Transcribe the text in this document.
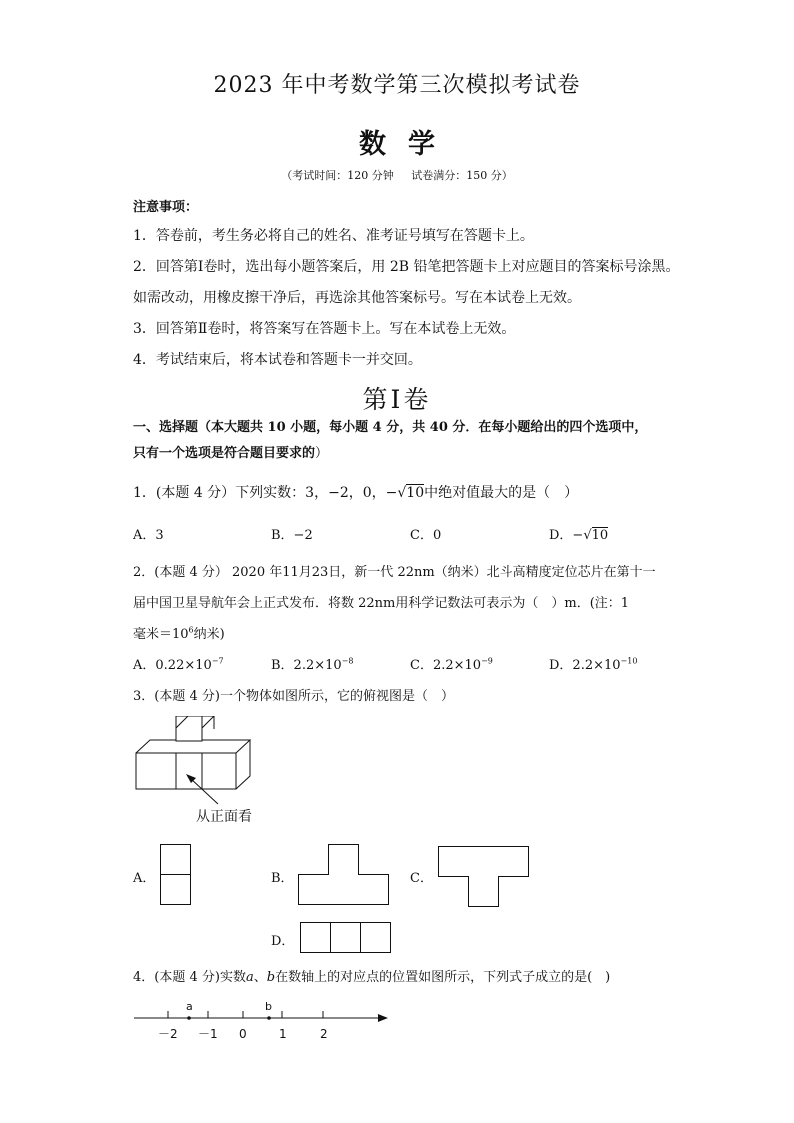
2023 年中考数学第三次模拟考试卷
数学
（考试时间：120 分钟 试卷满分：150 分）
注意事项：
1．答卷前，考生务必将自己的姓名、准考证号填写在答题卡上。
2．回答第Ⅰ卷时，选出每小题答案后，用 2B 铅笔把答题卡上对应题目的答案标号涂黑。
如需改动，用橡皮擦干净后，再选涂其他答案标号。写在本试卷上无效。
3．回答第Ⅱ卷时，将答案写在答题卡上。写在本试卷上无效。
4．考试结束后，将本试卷和答题卡一并交回。
第Ⅰ卷
一、选择题（本大题共 10 小题，每小题 4 分，共 40 分．在每小题给出的四个选项中，
只有一个选项是符合题目要求的）
1．(本题 4 分）下列实数：3，−2，0，−√10中绝对值最大的是（　）
A．3	B．−2	C．0	D．−√10
2．(本题 4 分） 2020 年11月23日，新一代 22nm（纳米）北斗高精度定位芯片在第十一
届中国卫星导航年会上正式发布．将数 22nm用科学记数法可表示为（　）m．(注：1
毫米$=10^6$纳米)
A．$0.22\times 10^{-7}$	B．$2.2\times 10^{-8}$	C．$2.2\times 10^{-9}$	D．$2.2\times 10^{-10}$
3．(本题 4 分)一个物体如图所示，它的俯视图是（　）
从正面看
A．	B．	C．
D．
4．(本题 4 分)实数a、b在数轴上的对应点的位置如图所示，下列式子成立的是(　)
a	b
－2 －1 0	1	2
